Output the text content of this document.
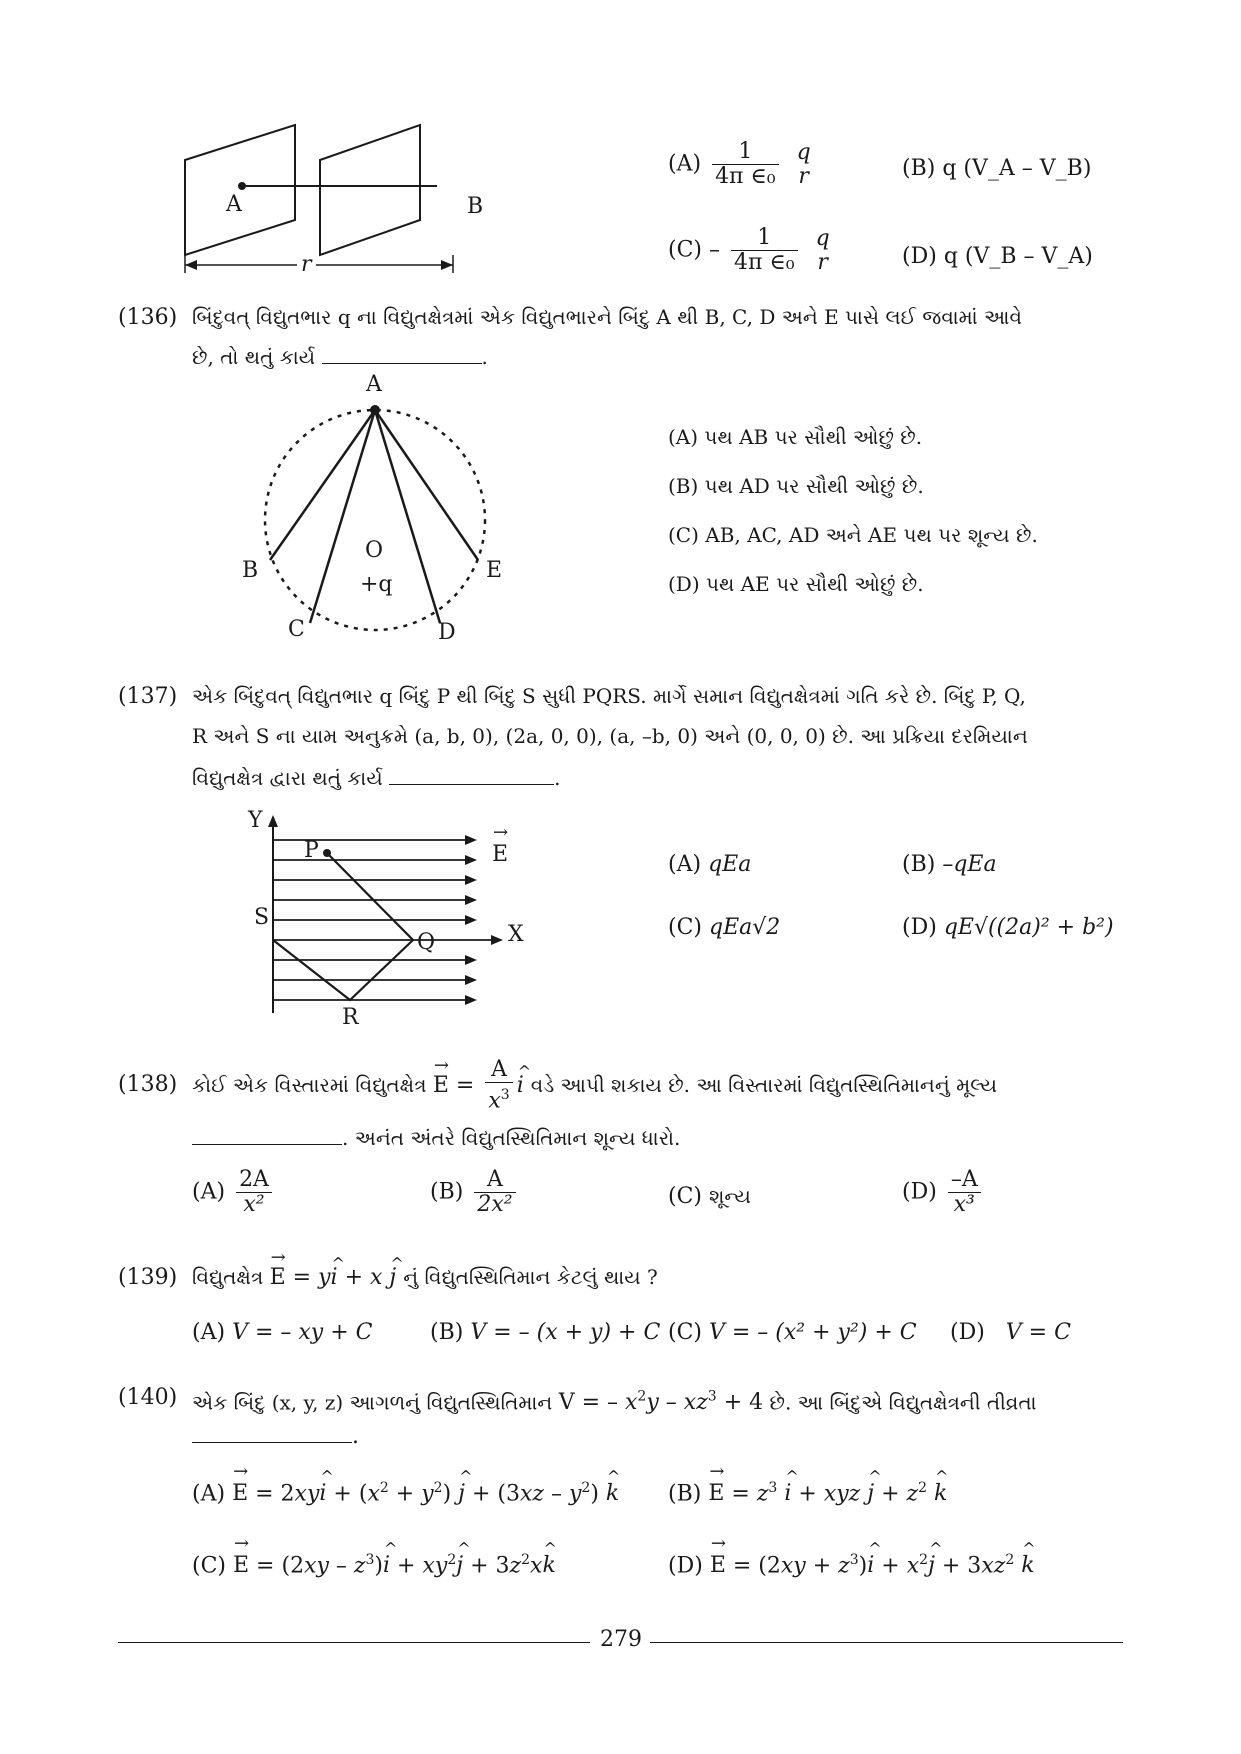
A	B
r
$(A) \frac{1}{\text{4π ∈₀}}$
q
r	(B) q (V_A – V_B)
$(C) - \frac{1}{\text{4π ∈₀}}$
q
r	(D) q (V_B – V_A)
(136) બિંદુવત્ વિદ્યુતભાર q ના વિદ્યુતક્ષેત્રમાં એક વિદ્યુતભારને બિંદુ A થી B, C, D અને E પાસે લઈ જવામાં આવે
છે, તો થતું કાર્ય	.
A
B
C	D
E
O
+q
(A) પથ AB પર સૌથી ઓછું છે.
(B) પથ AD પર સૌથી ઓછું છે.
(C) AB, AC, AD અને AE પથ પર શૂન્ય છે.
(D) પથ AE પર સૌથી ઓછું છે.
(137) એક બિંદુવત્ વિદ્યુતભાર q બિંદુ P થી બિંદુ S સુધી PQRS. માર્ગે સમાન વિદ્યુતક્ષેત્રમાં ગતિ કરે છે. બિંદુ P, Q,
R અને S ના યામ અનુક્રમે (a, b, 0), (2a, 0, 0), (a, –b, 0) અને (0, 0, 0) છે. આ પ્રક્રિયા દરમિયાન
વિદ્યુતક્ષેત્ર દ્વારા થતું કાર્ય	.
Y
P	→ E
S
X
Q
R
(A) qEa	(B) –qEa
(C) qEa√2	(D) qE√((2a)² + b²)
(138) કોઈ એક વિસ્તારમાં વિદ્યુતક્ષેત્ર → $E = \frac{A}{x^3}$ ^ i વડે આપી શકાય છે. આ વિસ્તારમાં વિદ્યુતસ્થિતિમાનનું મૂલ્ય
. અનંત અંતરે વિદ્યુતસ્થિતિમાન શૂન્ય ધારો.
$(A) \frac{2A}{\text{x²}}$	$(B) \frac{A}{\text{2x²}}$	(C) શૂન્ય	$(D) \frac{-A}{\text{x³}}$
(139) વિદ્યુતક્ષેત્ર → E = y^ i + x ^ j નું વિદ્યુતસ્થિતિમાન કેટલું થાય ?
(A) V = – xy + C	(B) V = – (x + y) + C (C) V = – (x² + y²) + C (D) V = C
(140) એક બિંદુ (x, y, z) આગળનું વિદ્યુતસ્થિતિમાન V = – $x^2y - xz^3 + 4$ છે. આ બિંદુએ વિદ્યુતક્ષેત્રની તીવ્રતા
.
(A) → E = 2xy^ $i + (x^2 + y^2)$ ^ $j + (3xz - y^2)$ ^ k $(B) \to E = z^3$ ^ i + xyz ^ $j + z^2$ ^ k
$(C) \to E = (2xy - z^3)\^{}$ $i + xy^2\^{}$ $j + 3z^2x\^{}$ k	$(D) \to E = (2xy + z^3)\^{}$ $i + x^2\^{}$ $j + 3xz^2$ ^ k
279
